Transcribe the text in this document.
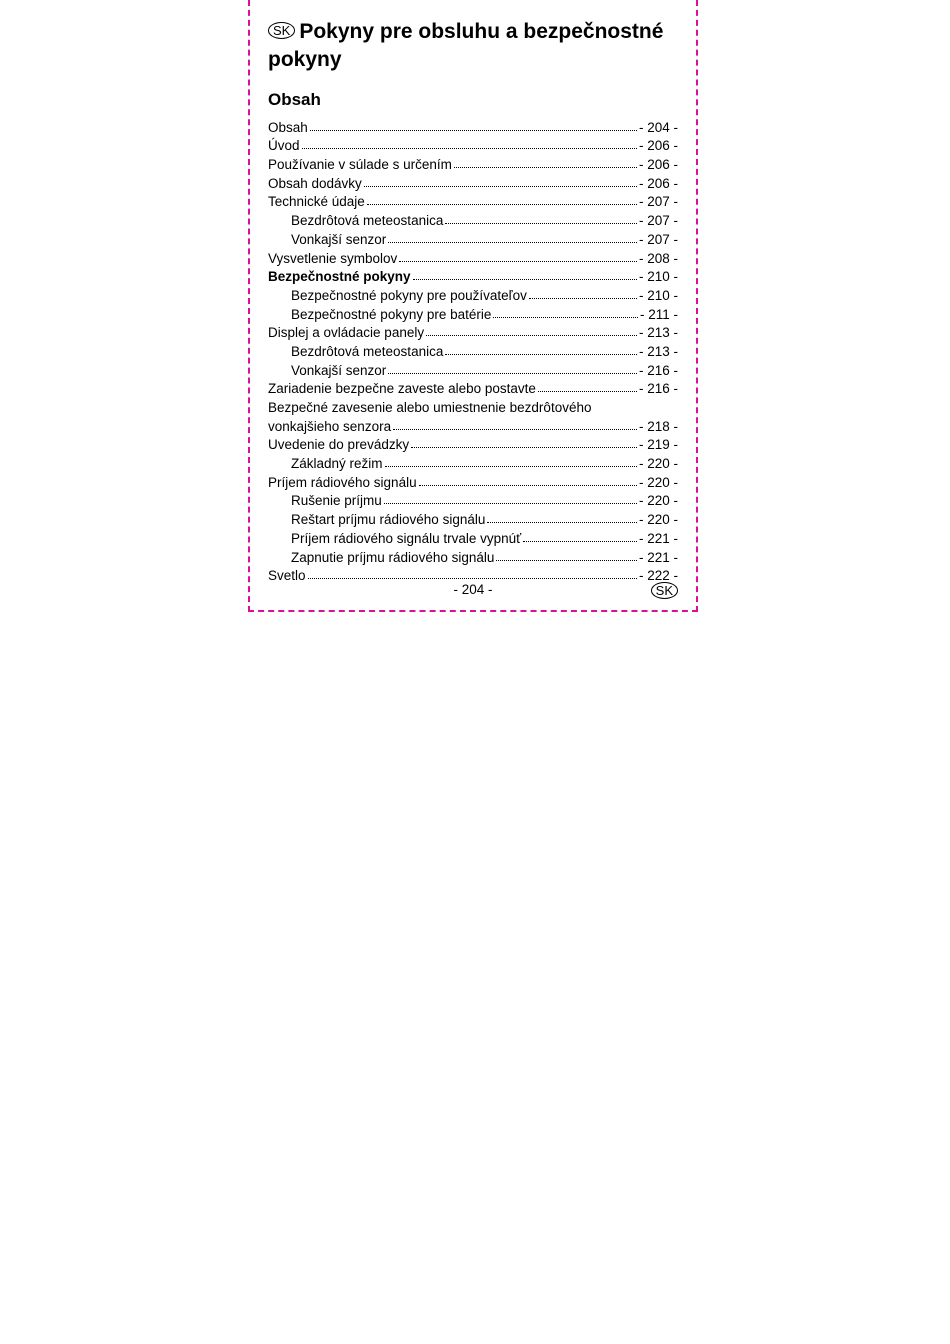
SK Pokyny pre obsluhu a bezpečnostné pokyny
Obsah
Obsah	- 204 -
Úvod	- 206 -
Používanie v súlade s určením	- 206 -
Obsah dodávky	- 206 -
Technické údaje	- 207 -
Bezdrôtová meteostanica	- 207 -
Vonkajší senzor	- 207 -
Vysvetlenie symbolov	- 208 -
Bezpečnostné pokyny	- 210 -
Bezpečnostné pokyny pre používateľov	- 210 -
Bezpečnostné pokyny pre batérie	- 211 -
Displej a ovládacie panely	- 213 -
Bezdrôtová meteostanica	- 213 -
Vonkajší senzor	- 216 -
Zariadenie bezpečne zaveste alebo postavte	- 216 -
Bezpečné zavesenie alebo umiestnenie bezdrôtového
vonkajšieho senzora	- 218 -
Uvedenie do prevádzky	- 219 -
Základný režim	- 220 -
Príjem rádiového signálu	- 220 -
Rušenie príjmu	- 220 -
Reštart príjmu rádiového signálu	- 220 -
Príjem rádiového signálu trvale vypnúť	- 221 -
Zapnutie príjmu rádiového signálu	- 221 -
Svetlo	- 222 -
- 204 -	SK
